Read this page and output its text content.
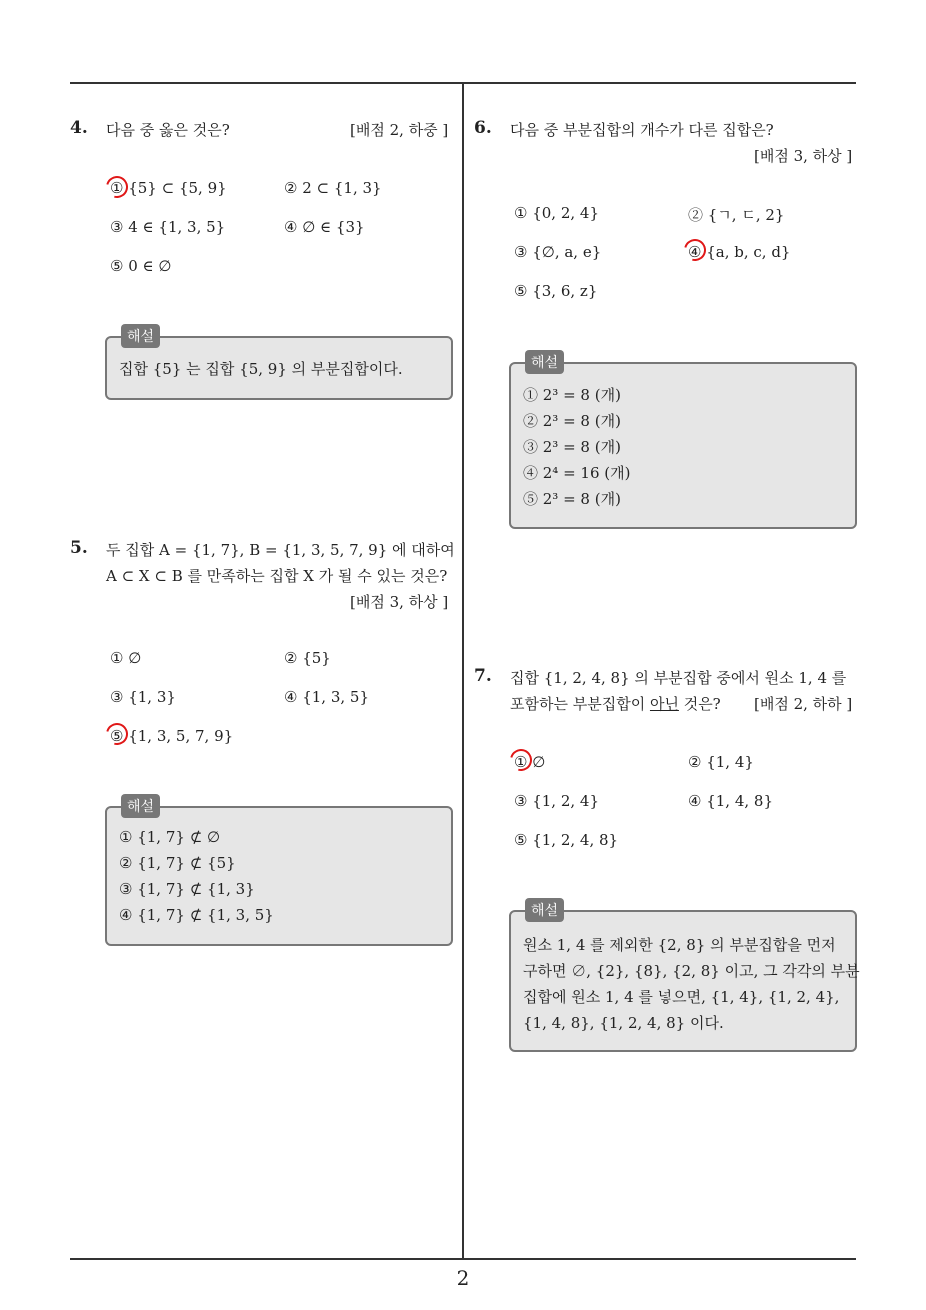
4. 다음 중 옳은 것은?	[배점 2, 하중 ]
① {5} ⊂ {5, 9}	② 2 ⊂ {1, 3}
③ 4 ∈ {1, 3, 5}	④ ∅ ∈ {3}
⑤ 0 ∈ ∅
해설
집합 {5} 는 집합 {5, 9} 의 부분집합이다.
5. 두 집합 A = {1, 7}, B = {1, 3, 5, 7, 9} 에 대하여
A ⊂ X ⊂ B 를 만족하는 집합 X 가 될 수 있는 것은?
[배점 3, 하상 ]
① ∅	② {5}
③ {1, 3}	④ {1, 3, 5}
⑤ {1, 3, 5, 7, 9}
해설
① {1, 7} ⊄ ∅
② {1, 7} ⊄ {5}
③ {1, 7} ⊄ {1, 3}
④ {1, 7} ⊄ {1, 3, 5}
6. 다음 중 부분집합의 개수가 다른 집합은?
[배점 3, 하상 ]
① {0, 2, 4}	② {ㄱ, ㄷ, 2}
③ {∅, a, e}	④ {a, b, c, d}
⑤ {3, 6, z}
해설
① 2³ = 8 (개)
② 2³ = 8 (개)
③ 2³ = 8 (개)
④ 2⁴ = 16 (개)
⑤ 2³ = 8 (개)
7. 집합 {1, 2, 4, 8} 의 부분집합 중에서 원소 1, 4 를
포함하는 부분집합이 아닌 것은? [배점 2, 하하 ]
① ∅	② {1, 4}
③ {1, 2, 4}	④ {1, 4, 8}
⑤ {1, 2, 4, 8}
해설
원소 1, 4 를 제외한 {2, 8} 의 부분집합을 먼저
구하면 ∅, {2}, {8}, {2, 8} 이고, 그 각각의 부분
집합에 원소 1, 4 를 넣으면, {1, 4}, {1, 2, 4},
{1, 4, 8}, {1, 2, 4, 8} 이다.
2
